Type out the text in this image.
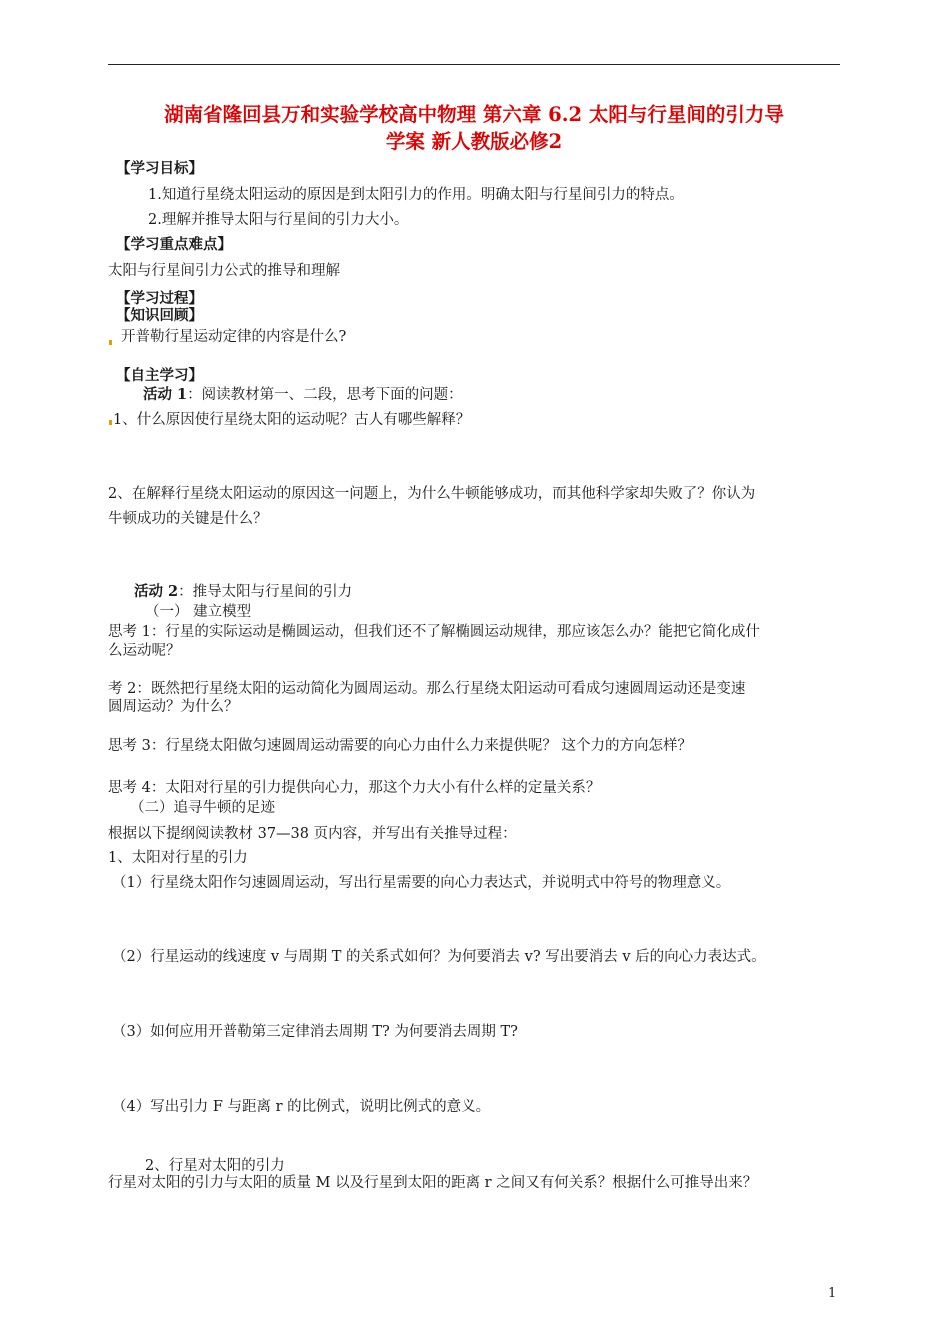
湖南省隆回县万和实验学校高中物理 第六章 6.2 太阳与行星间的引力导
学案 新人教版必修2
【学习目标】
1.知道行星绕太阳运动的原因是到太阳引力的作用。明确太阳与行星间引力的特点。
2.理解并推导太阳与行星间的引力大小。
【学习重点难点】
太阳与行星间引力公式的推导和理解
【学习过程】
【知识回顾】
开普勒行星运动定律的内容是什么?
【自主学习】
活动 1：阅读教材第一、二段，思考下面的问题：
1、什么原因使行星绕太阳的运动呢？古人有哪些解释？
2、在解释行星绕太阳运动的原因这一问题上，为什么牛顿能够成功，而其他科学家却失败了？你认为
牛顿成功的关键是什么？
活动 2：推导太阳与行星间的引力
（一） 建立模型
思考 1：行星的实际运动是椭圆运动，但我们还不了解椭圆运动规律，那应该怎么办？能把它简化成什
么运动呢？
考 2：既然把行星绕太阳的运动简化为圆周运动。那么行星绕太阳运动可看成匀速圆周运动还是变速
圆周运动？为什么？
思考 3：行星绕太阳做匀速圆周运动需要的向心力由什么力来提供呢？ 这个力的方向怎样？
思考 4：太阳对行星的引力提供向心力，那这个力大小有什么样的定量关系？
（二）追寻牛顿的足迹
根据以下提纲阅读教材 37—38 页内容，并写出有关推导过程：
1、太阳对行星的引力
（1）行星绕太阳作匀速圆周运动，写出行星需要的向心力表达式，并说明式中符号的物理意义。
（2）行星运动的线速度 v 与周期 T 的关系式如何？为何要消去 v? 写出要消去 v 后的向心力表达式。
（3）如何应用开普勒第三定律消去周期 T? 为何要消去周期 T?
（4）写出引力 F 与距离 r 的比例式，说明比例式的意义。
2、行星对太阳的引力
行星对太阳的引力与太阳的质量 M 以及行星到太阳的距离 r 之间又有何关系？根据什么可推导出来？
1
